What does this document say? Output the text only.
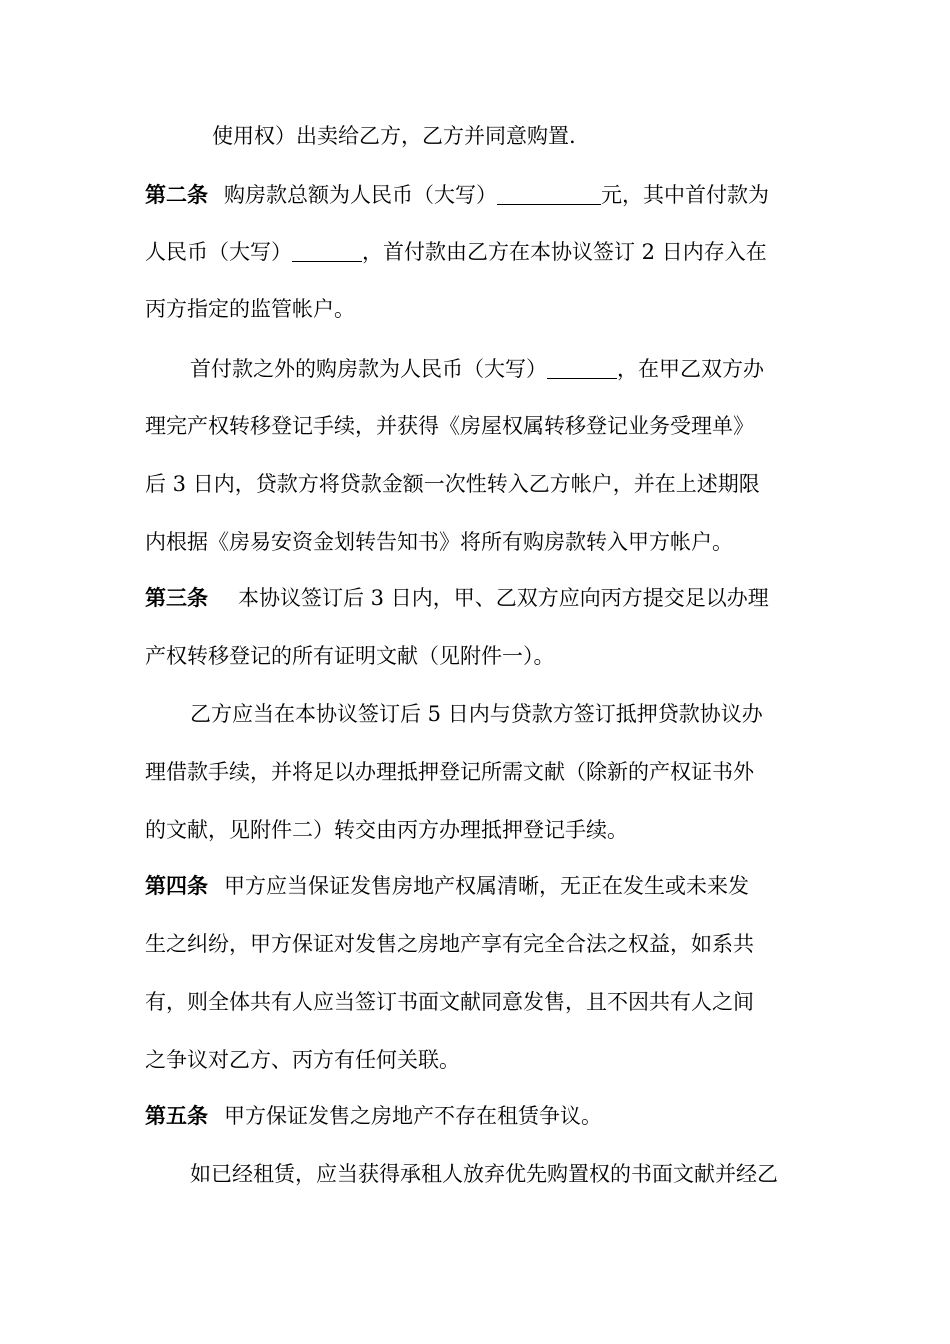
使用权）出卖给乙方，乙方并同意购置.
第二条 购房款总额为人民币（大写）	元，其中首付款为
人民币（大写）	，首付款由乙方在本协议签订 2 日内存入在
丙方指定的监管帐户。
首付款之外的购房款为人民币（大写）	，在甲乙双方办
理完产权转移登记手续，并获得《房屋权属转移登记业务受理单》
后 3 日内，贷款方将贷款金额一次性转入乙方帐户，并在上述期限
内根据《房易安资金划转告知书》将所有购房款转入甲方帐户。
第三条 本协议签订后 3 日内，甲、乙双方应向丙方提交足以办理
产权转移登记的所有证明文献（见附件一）。
乙方应当在本协议签订后 5 日内与贷款方签订抵押贷款协议办
理借款手续，并将足以办理抵押登记所需文献（除新的产权证书外
的文献，见附件二）转交由丙方办理抵押登记手续。
第四条 甲方应当保证发售房地产权属清晰，无正在发生或未来发
生之纠纷，甲方保证对发售之房地产享有完全合法之权益，如系共
有，则全体共有人应当签订书面文献同意发售，且不因共有人之间
之争议对乙方、丙方有任何关联。
第五条 甲方保证发售之房地产不存在租赁争议。
如已经租赁，应当获得承租人放弃优先购置权的书面文献并经乙
